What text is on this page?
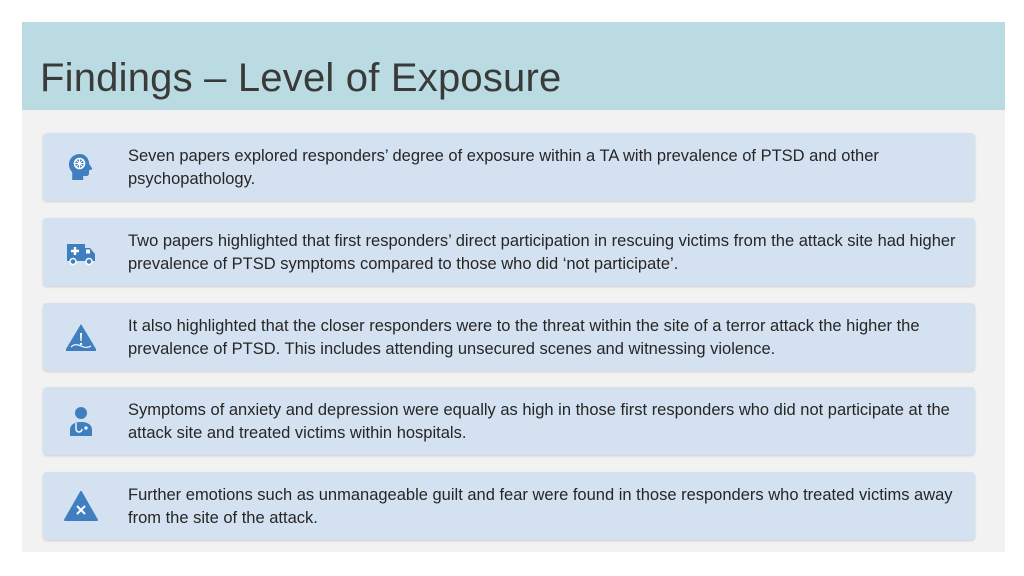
Findings – Level of Exposure
Seven papers explored responders’ degree of exposure within a TA with prevalence of PTSD and other psychopathology.
Two papers highlighted that first responders’ direct participation in rescuing victims from the attack site had higher prevalence of PTSD symptoms compared to those who did ‘not participate’.
It also highlighted that the closer responders were to the threat within the site of a terror attack the higher the prevalence of PTSD. This includes attending unsecured scenes and witnessing violence.
Symptoms of anxiety and depression were equally as high in those first responders who did not participate at the attack site and treated victims within hospitals.
Further emotions such as unmanageable guilt and fear were found in those responders who treated victims away from the site of the attack.
